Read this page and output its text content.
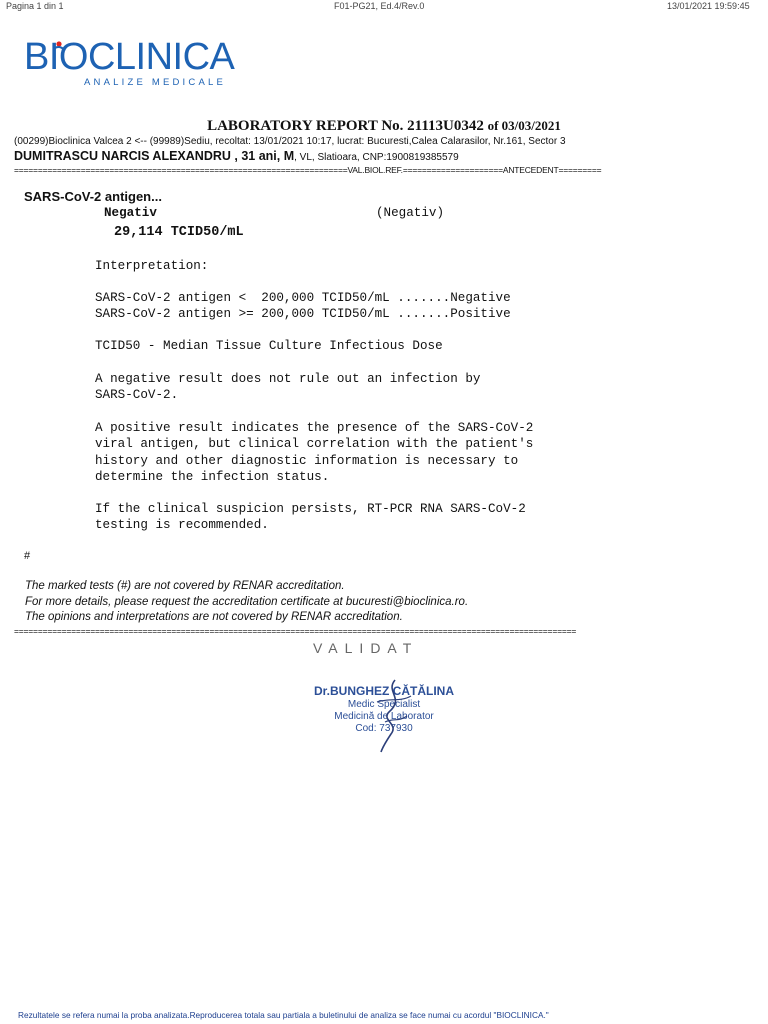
Pagina 1 din 1	F01-PG21, Ed.4/Rev.0	13/01/2021 19:59:45

BIOCLINICA
ANALIZE MEDICALE
LABORATORY REPORT No. 21113U0342 of 03/03/2021
(00299)Bioclinica Valcea 2 <-- (99989)Sediu, recoltat: 13/01/2021 10:17, lucrat: Bucuresti,Calea Calarasilor, Nr.161, Sector 3
DUMITRASCU NARCIS ALEXANDRU , 31 ani, M, VL, Slatioara, CNP:1900819385579
======================================================================VAL.BIOL.REF.=====================ANTECEDENT=========
SARS-CoV-2 antigen...
Negativ	(Negativ)
29,114 TCID50/mL
Interpretation:
SARS-CoV-2 antigen <  200,000 TCID50/mL .......Negative
SARS-CoV-2 antigen >= 200,000 TCID50/mL .......Positive
TCID50 - Median Tissue Culture Infectious Dose
A negative result does not rule out an infection by
SARS-CoV-2.
A positive result indicates the presence of the SARS-CoV-2
viral antigen, but clinical correlation with the patient's
history and other diagnostic information is necessary to
determine the infection status.
If the clinical suspicion persists, RT-PCR RNA SARS-CoV-2
testing is recommended.
#
The marked tests (#) are not covered by RENAR accreditation.
For more details, please request the accreditation certificate at bucuresti@bioclinica.ro.
The opinions and interpretations are not covered by RENAR accreditation.
======================================================================================================================
VALIDAT
Dr.BUNGHEZ CĂTĂLINA
Medic Specialist
Medicină de Laborator
Cod: 737930
Rezultatele se refera numai la proba analizata.Reproducerea totala sau partiala a buletinului de analiza se face numai cu acordul "BIOCLINICA."
